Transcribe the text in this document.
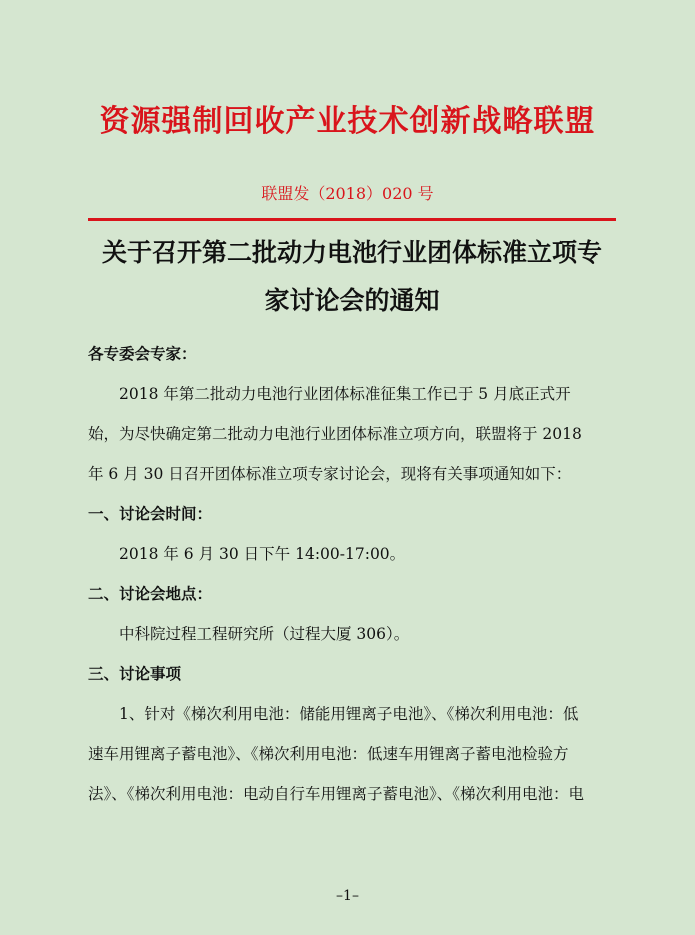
资源强制回收产业技术创新战略联盟
联盟发（2018）020 号
关于召开第二批动力电池行业团体标准立项专
家讨论会的通知
各专委会专家：
2018 年第二批动力电池行业团体标准征集工作已于 5 月底正式开
始，为尽快确定第二批动力电池行业团体标准立项方向，联盟将于 2018
年 6 月 30 日召开团体标准立项专家讨论会，现将有关事项通知如下：
一、讨论会时间：
2018 年 6 月 30 日下午 14:00-17:00。
二、讨论会地点：
中科院过程工程研究所（过程大厦 306）。
三、讨论事项
1、针对《梯次利用电池：储能用锂离子电池》、《梯次利用电池：低
速车用锂离子蓄电池》、《梯次利用电池：低速车用锂离子蓄电池检验方
法》、《梯次利用电池：电动自行车用锂离子蓄电池》、《梯次利用电池：电
–1–
